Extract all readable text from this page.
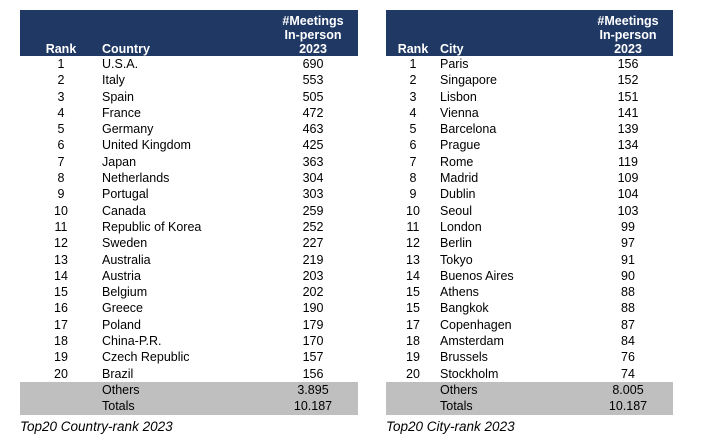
Rank	Country	#Meetings
In-person
2023

1	U.S.A.	690
2	Italy	553
3	Spain	505
4	France	472
5	Germany	463
6	United Kingdom	425
7	Japan	363
8	Netherlands	304
9	Portugal	303
10	Canada	259
11	Republic of Korea	252
12	Sweden	227
13	Australia	219
14	Austria	203
15	Belgium	202
16	Greece	190
17	Poland	179
18	China-P.R.	170
19	Czech Republic	157
20	Brazil	156
	Others	3.895
	Totals	10.187
Top20 Country-rank 2023
Rank	City	#Meetings
In-person
2023

1	Paris	156
2	Singapore	152
3	Lisbon	151
4	Vienna	141
5	Barcelona	139
6	Prague	134
7	Rome	119
8	Madrid	109
9	Dublin	104
10	Seoul	103
11	London	99
12	Berlin	97
13	Tokyo	91
14	Buenos Aires	90
15	Athens	88
15	Bangkok	88
17	Copenhagen	87
18	Amsterdam	84
19	Brussels	76
20	Stockholm	74
	Others	8.005
	Totals	10.187
Top20 City-rank 2023
